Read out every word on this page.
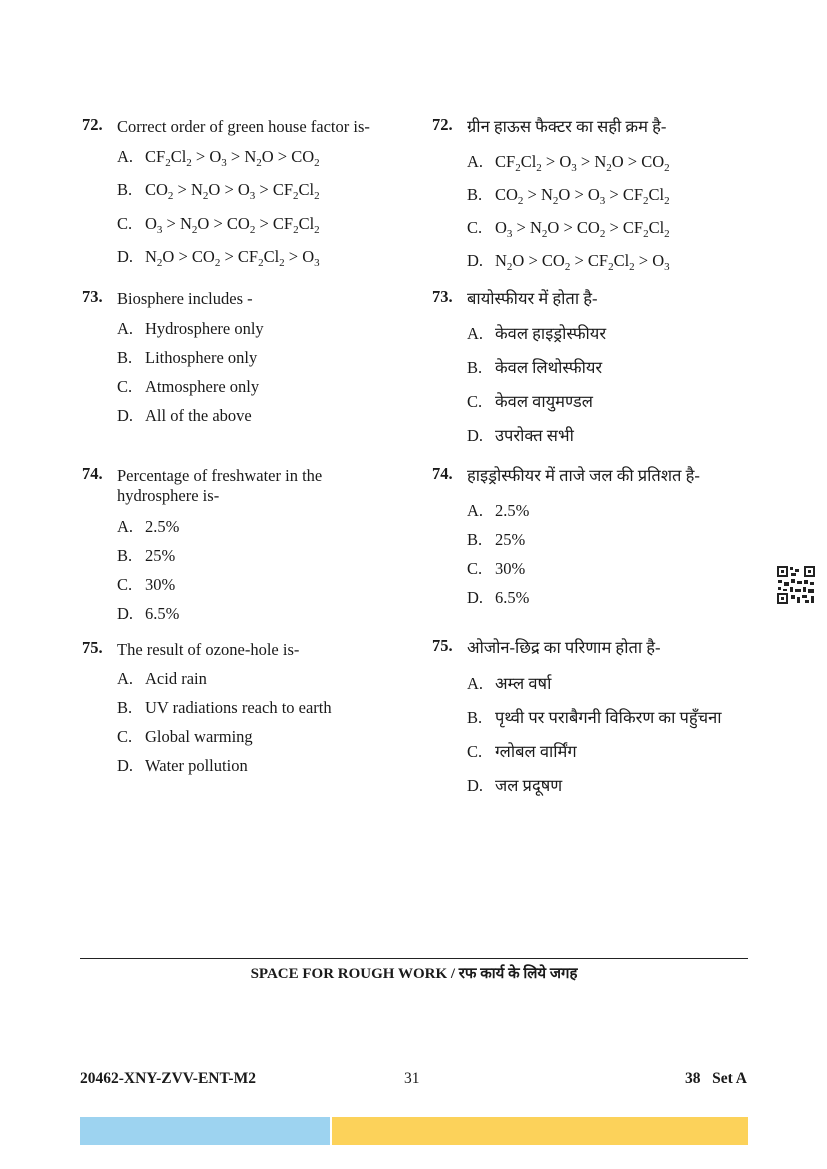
72. Correct order of green house factor is-
A. $CF_2Cl_2 > O_3 > N_2O > CO_2$
B. $CO_2 > N_2O > O_3 > CF_2Cl_2$
C. $O_3 > N_2O > CO_2 > CF_2Cl_2$
D. $N_2O > CO_2 > CF_2Cl_2 > O_3$
73. Biosphere includes -
A. Hydrosphere only
B. Lithosphere only
C. Atmosphere only
D. All of the above
74. Percentage of freshwater in the hydrosphere is-
A. 2.5%
B. 25%
C. 30%
D. 6.5%
75. The result of ozone-hole is-
A. Acid rain
B. UV radiations reach to earth
C. Global warming
D. Water pollution
72. ग्रीन हाऊस फैक्टर का सही क्रम है-
A. $CF_2Cl_2 > O_3 > N_2O > CO_2$
B. $CO_2 > N_2O > O_3 > CF_2Cl_2$
C. $O_3 > N_2O > CO_2 > CF_2Cl_2$
D. $N_2O > CO_2 > CF_2Cl_2 > O_3$
73. बायोस्फीयर में होता है-
A. केवल हाइड्रोस्फीयर
B. केवल लिथोस्फीयर
C. केवल वायुमण्डल
D. उपरोक्त सभी
74. हाइड्रोस्फीयर में ताजे जल की प्रतिशत है-
A. 2.5%
B. 25%
C. 30%
D. 6.5%
75. ओजोन-छिद्र का परिणाम होता है-
A. अम्ल वर्षा
B. पृथ्वी पर पराबैगनी विकिरण का पहुँचना
C. ग्लोबल वार्मिंग
D. जल प्रदूषण
SPACE FOR ROUGH WORK / रफ कार्य के लिये जगह
20462-XNY-ZVV-ENT-M2	31	38   Set A
